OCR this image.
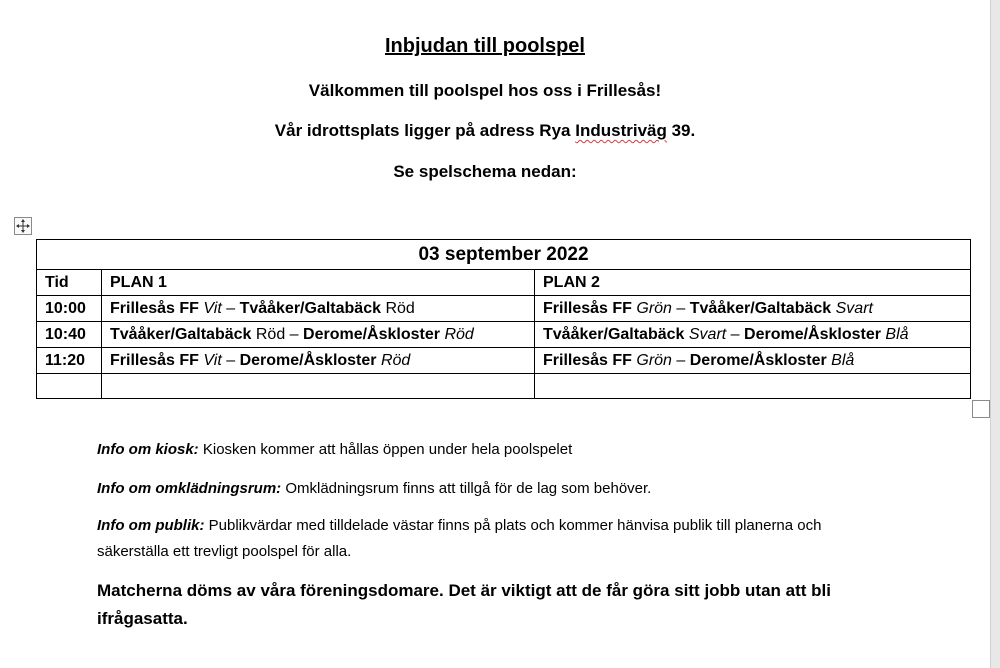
Inbjudan till poolspel
Välkommen till poolspel hos oss i Frillesås!
Vår idrottsplats ligger på adress Rya Industriväg 39.
Se spelschema nedan:
03 september 2022		
Tid	PLAN 1	PLAN 2
10:00	Frillesås FF Vit – Tvååker/Galtabäck Röd	Frillesås FF Grön – Tvååker/Galtabäck Svart
10:40	Tvååker/Galtabäck Röd – Derome/Åskloster Röd	Tvååker/Galtabäck Svart – Derome/Åskloster Blå
11:20	Frillesås FF Vit – Derome/Åskloster Röd	Frillesås FF Grön – Derome/Åskloster Blå

Info om kiosk: Kiosken kommer att hållas öppen under hela poolspelet
Info om omklädningsrum: Omklädningsrum finns att tillgå för de lag som behöver.
Info om publik: Publikvärdar med tilldelade västar finns på plats och kommer hänvisa publik till planerna och säkerställa ett trevligt poolspel för alla.
Matcherna döms av våra föreningsdomare. Det är viktigt att de får göra sitt jobb utan att bli ifrågasatta.
